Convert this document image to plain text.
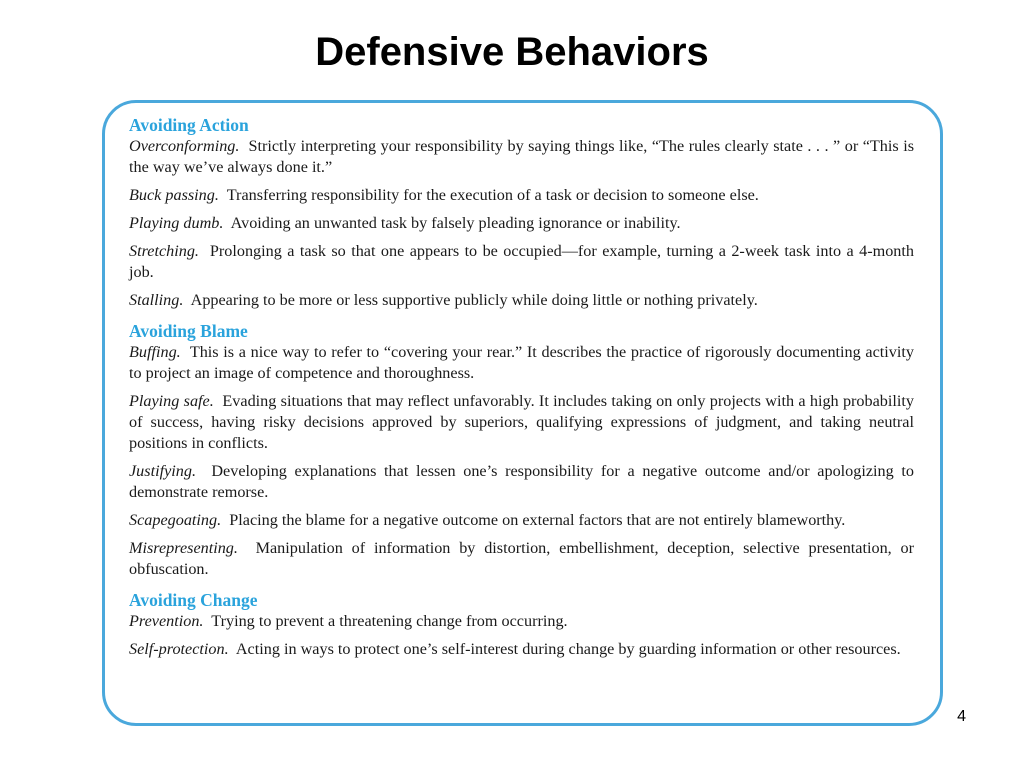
Defensive Behaviors
Avoiding Action

Overconforming. Strictly interpreting your responsibility by saying things like, “The rules clearly state . . . ” or “This is the way we’ve always done it.”

Buck passing. Transferring responsibility for the execution of a task or decision to someone else.

Playing dumb. Avoiding an unwanted task by falsely pleading ignorance or inability.

Stretching. Prolonging a task so that one appears to be occupied—for example, turning a 2-week task into a 4-month job.

Stalling. Appearing to be more or less supportive publicly while doing little or nothing privately.

Avoiding Blame

Buffing. This is a nice way to refer to “covering your rear.” It describes the practice of rigorously documenting activity to project an image of competence and thoroughness.

Playing safe. Evading situations that may reflect unfavorably. It includes taking on only projects with a high probability of success, having risky decisions approved by superiors, qualifying expressions of judgment, and taking neutral positions in conflicts.

Justifying. Developing explanations that lessen one’s responsibility for a negative outcome and/or apologizing to demonstrate remorse.

Scapegoating. Placing the blame for a negative outcome on external factors that are not entirely blameworthy.

Misrepresenting. Manipulation of information by distortion, embellishment, deception, selective presentation, or obfuscation.

Avoiding Change

Prevention. Trying to prevent a threatening change from occurring.

Self-protection. Acting in ways to protect one’s self-interest during change by guarding information or other resources.

4
